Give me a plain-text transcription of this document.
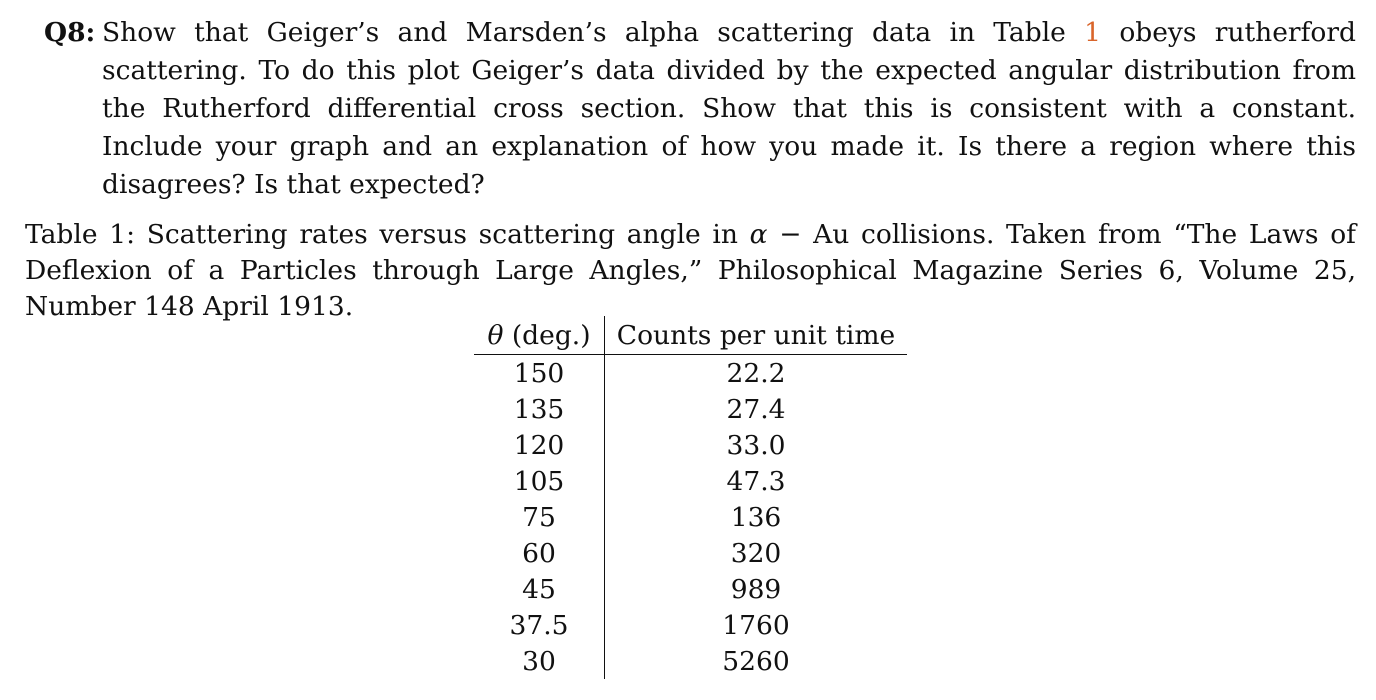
Q8: Show that Geiger’s and Marsden’s alpha scattering data in Table 1 obeys rutherford scattering. To do this plot Geiger’s data divided by the expected angular distribution from the Rutherford differential cross section. Show that this is consistent with a constant. Include your graph and an explanation of how you made it. Is there a region where this disagrees? Is that expected?
Table 1: Scattering rates versus scattering angle in α − Au collisions. Taken from “The Laws of Deflexion of a Particles through Large Angles,” Philosophical Magazine Series 6, Volume 25, Number 148 April 1913.
θ (deg.)	Counts per unit time
150	22.2
135	27.4
120	33.0
105	47.3
75	136
60	320
45	989
37.5	1760
30	5260
